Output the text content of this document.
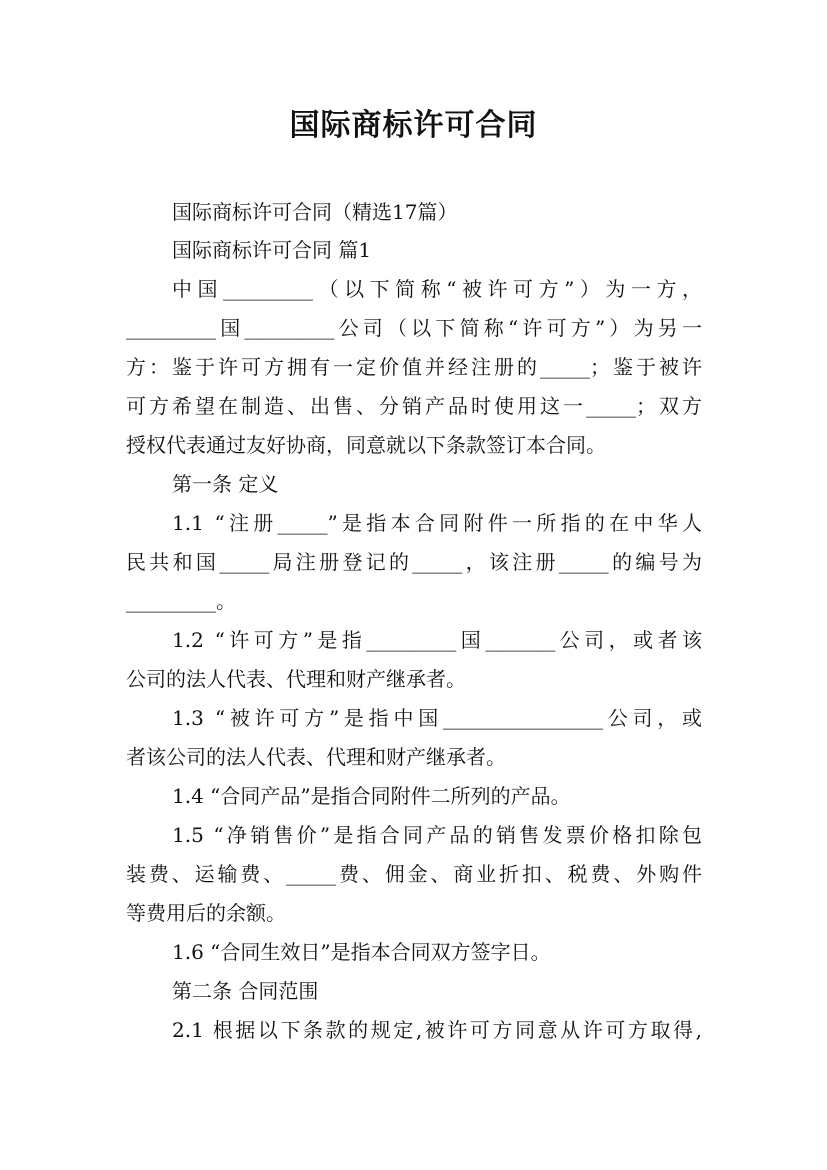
国际商标许可合同
国际商标许可合同（精选17篇）
国际商标许可合同 篇1
中国_________（以下简称“被许可方”）为一方，
_________国_________公司（以下简称“许可方”）为另一
方：鉴于许可方拥有一定价值并经注册的_____；鉴于被许
可方希望在制造、出售、分销产品时使用这一_____；双方
授权代表通过友好协商，同意就以下条款签订本合同。
第一条 定义
1.1 “注册_____”是指本合同附件一所指的在中华人
民共和国_____局注册登记的_____，该注册_____的编号为
_________。
1.2 “许可方”是指_________国_______公司，或者该
公司的法人代表、代理和财产继承者。
1.3 “被许可方”是指中国________________公司，或
者该公司的法人代表、代理和财产继承者。
1.4 “合同产品”是指合同附件二所列的产品。
1.5 “净销售价”是指合同产品的销售发票价格扣除包
装费、运输费、_____费、佣金、商业折扣、税费、外购件
等费用后的余额。
1.6 “合同生效日”是指本合同双方签字日。
第二条 合同范围
2.1 根据以下条款的规定,被许可方同意从许可方取得,
